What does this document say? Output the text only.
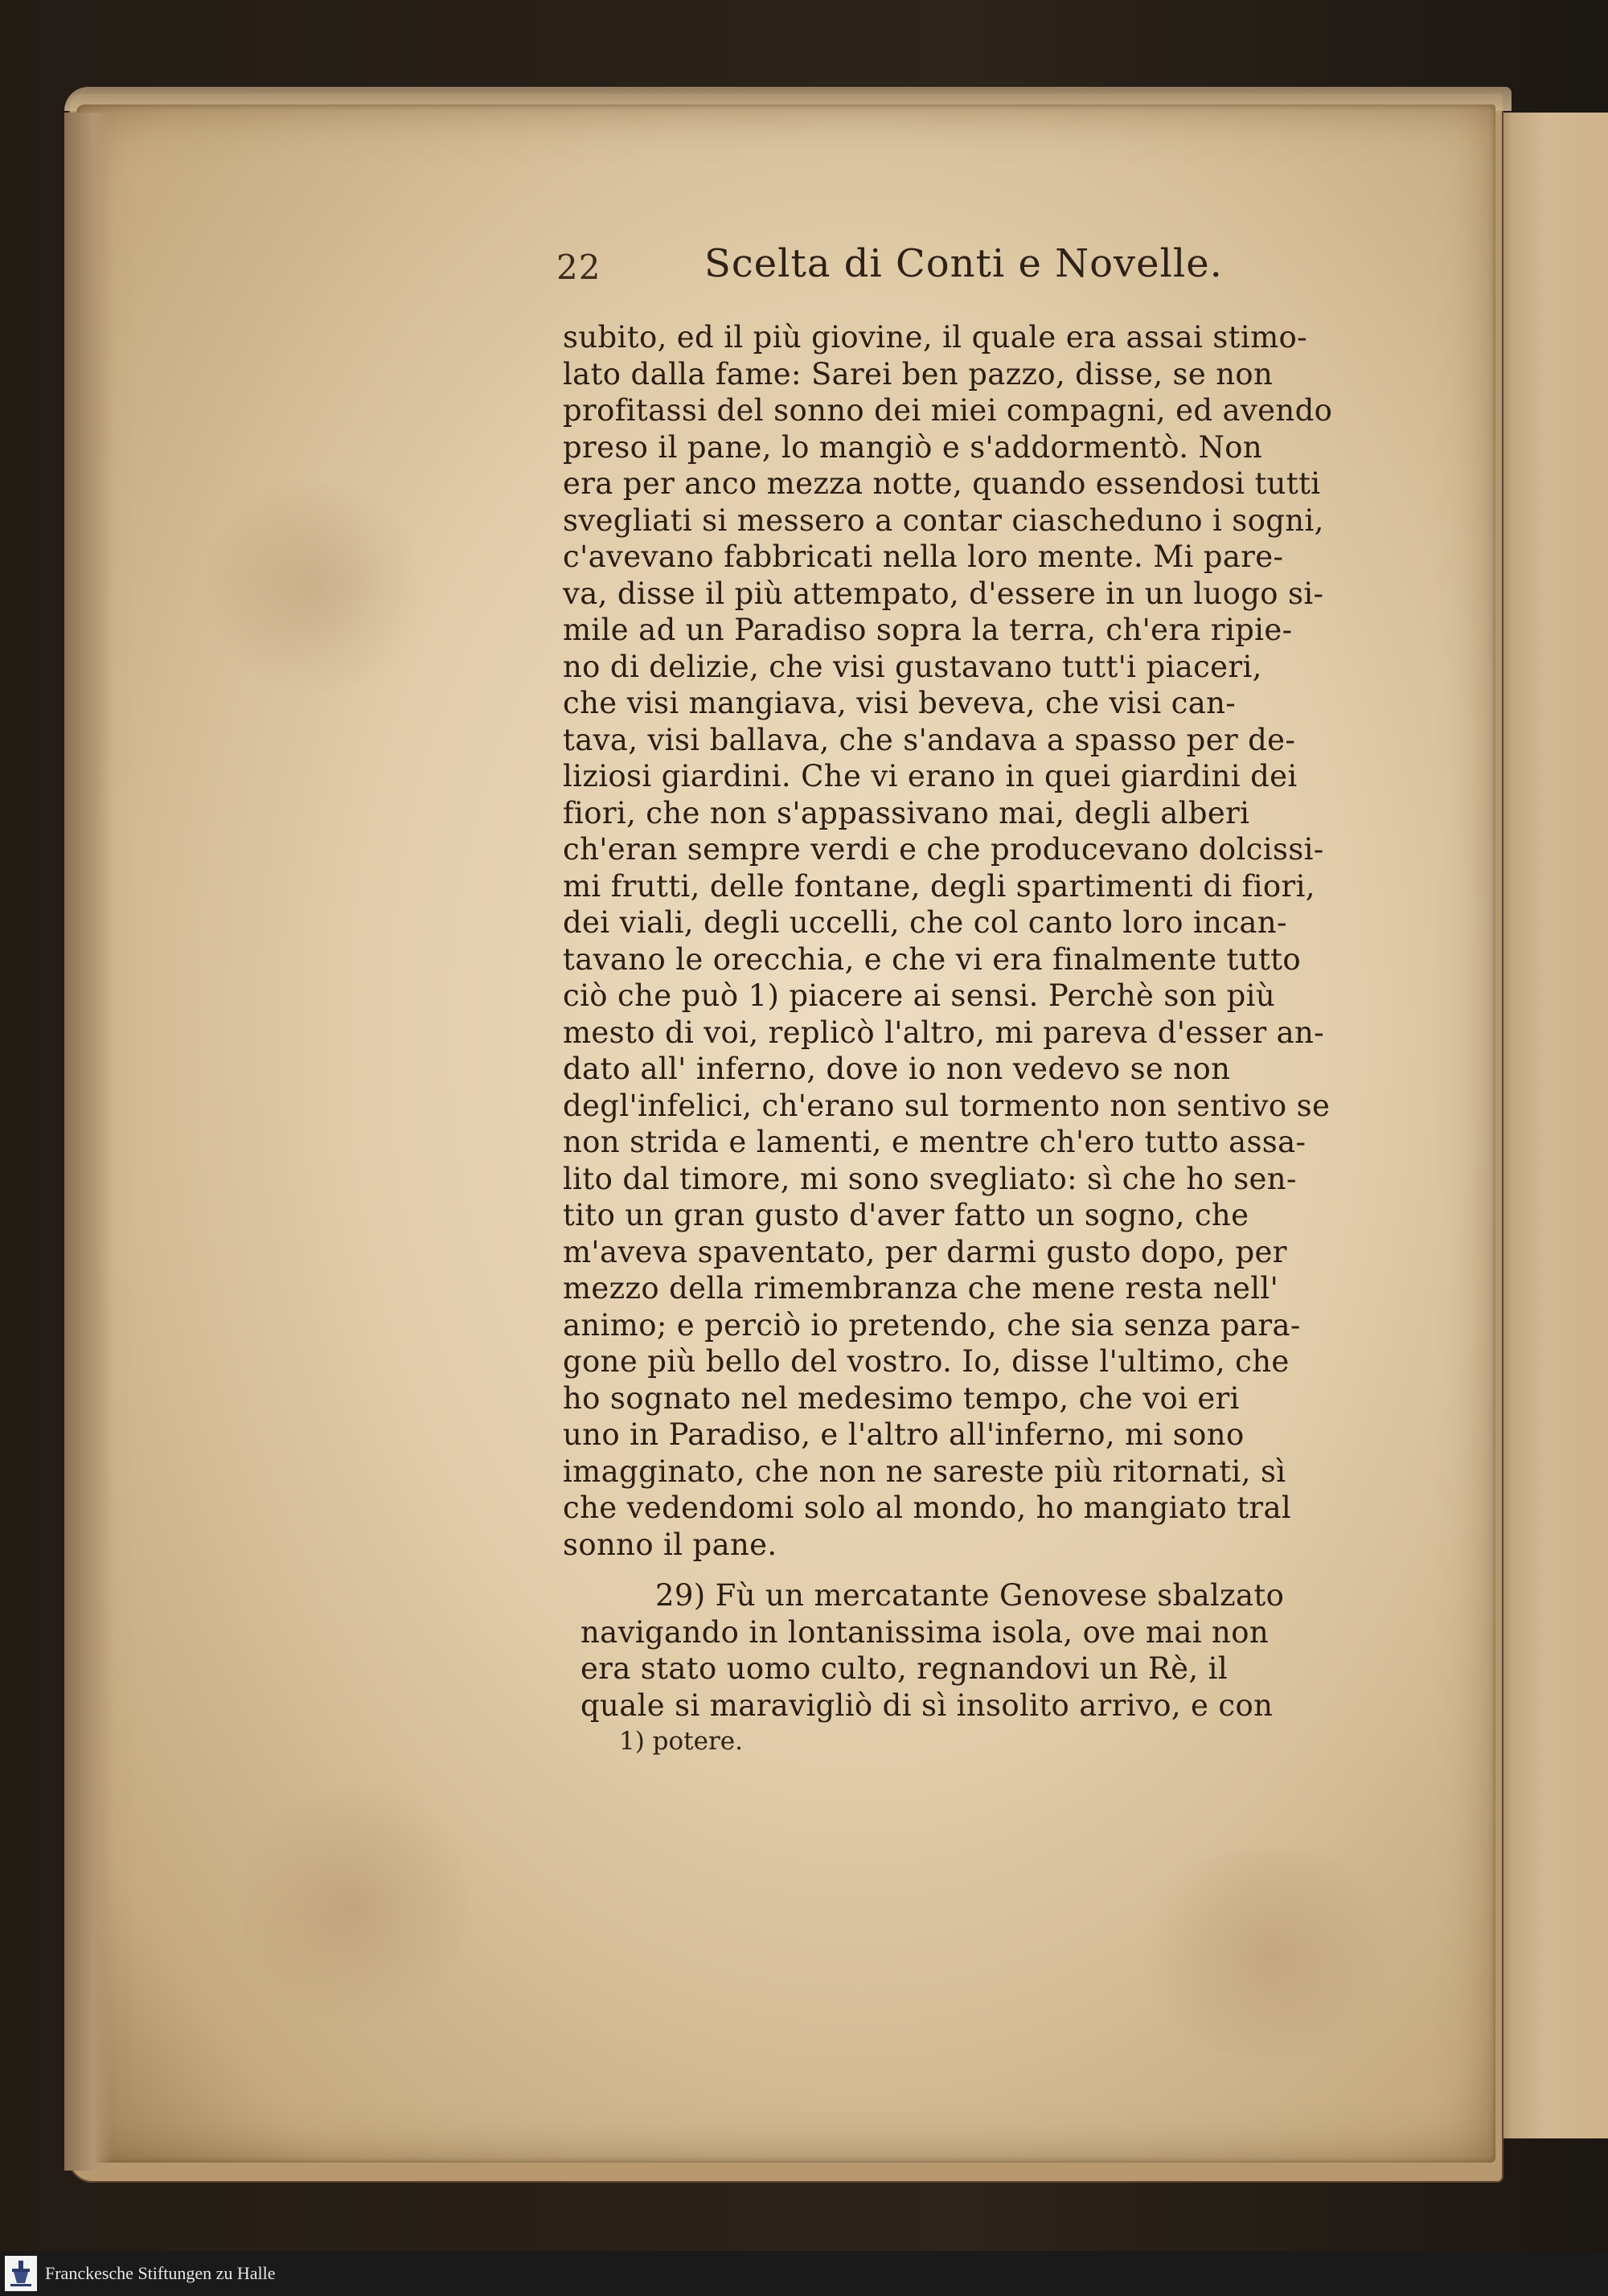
22	Scelta di Conti e Novelle.
subito, ed il più giovine, il quale era assai stimo-
lato dalla fame: Sarei ben pazzo, disse, se non
profitassi del sonno dei miei compagni, ed avendo
preso il pane, lo mangiò e s'addormentò. Non
era per anco mezza notte, quando essendosi tutti
svegliati si messero a contar ciascheduno i sogni,
c'avevano fabbricati nella loro mente. Mi pare-
va, disse il più attempato, d'essere in un luogo si-
mile ad un Paradiso sopra la terra, ch'era ripie-
no di delizie, che visi gustavano tutt'i piaceri,
che visi mangiava, visi beveva, che visi can-
tava, visi ballava, che s'andava a spasso per de-
liziosi giardini. Che vi erano in quei giardini dei
fiori, che non s'appassivano mai, degli alberi
ch'eran sempre verdi e che producevano dolcissi-
mi frutti, delle fontane, degli spartimenti di fiori,
dei viali, degli uccelli, che col canto loro incan-
tavano le orecchia, e che vi era finalmente tutto
ciò che può 1) piacere ai sensi. Perchè son più
mesto di voi, replicò l'altro, mi pareva d'esser an-
dato all' inferno, dove io non vedevo se non
degl'infelici, ch'erano sul tormento non sentivo se
non strida e lamenti, e mentre ch'ero tutto assa-
lito dal timore, mi sono svegliato: sì che ho sen-
tito un gran gusto d'aver fatto un sogno, che
m'aveva spaventato, per darmi gusto dopo, per
mezzo della rimembranza che mene resta nell'
animo; e perciò io pretendo, che sia senza para-
gone più bello del vostro. Io, disse l'ultimo, che
ho sognato nel medesimo tempo, che voi eri
uno in Paradiso, e l'altro all'inferno, mi sono
imagginato, che non ne sareste più ritornati, sì
che vedendomi solo al mondo, ho mangiato tral
sonno il pane.
29) Fù un mercatante Genovese sbalzato
navigando in lontanissima isola, ove mai non
era stato uomo culto, regnandovi un Rè, il
quale si maravigliò di sì insolito arrivo, e con
1) potere.
Franckesche Stiftungen zu Halle
